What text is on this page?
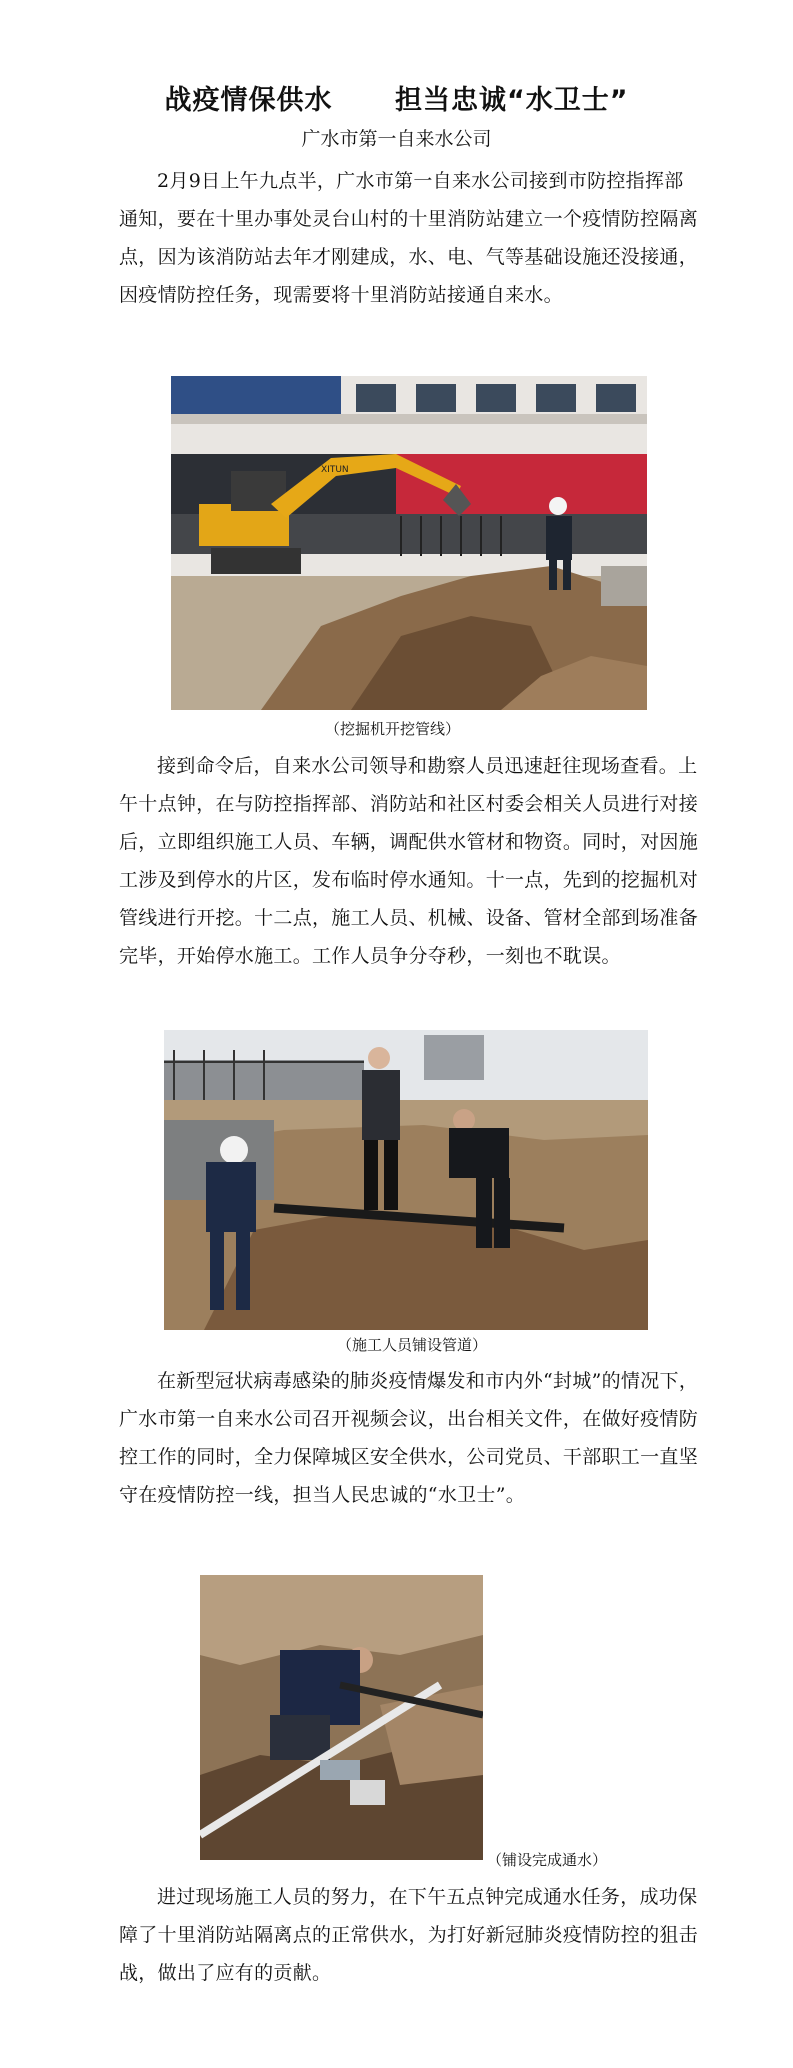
战疫情保供水      担当忠诚“水卫士”
广水市第一自来水公司

2月9日上午九点半，广水市第一自来水公司接到市防控指挥部通知，要在十里办事处灵台山村的十里消防站建立一个疫情防控隔离点，因为该消防站去年才刚建成，水、电、气等基础设施还没接通，因疫情防控任务，现需要将十里消防站接通自来水。

XITUN
（挖掘机开挖管线）

接到命令后，自来水公司领导和勘察人员迅速赶往现场查看。上午十点钟，在与防控指挥部、消防站和社区村委会相关人员进行对接后，立即组织施工人员、车辆，调配供水管材和物资。同时，对因施工涉及到停水的片区，发布临时停水通知。十一点，先到的挖掘机对管线进行开挖。十二点，施工人员、机械、设备、管材全部到场准备完毕，开始停水施工。工作人员争分夺秒，一刻也不耽误。

（施工人员铺设管道）

在新型冠状病毒感染的肺炎疫情爆发和市内外“封城”的情况下，广水市第一自来水公司召开视频会议，出台相关文件，在做好疫情防控工作的同时，全力保障城区安全供水，公司党员、干部职工一直坚守在疫情防控一线，担当人民忠诚的“水卫士”。

（铺设完成通水）

进过现场施工人员的努力，在下午五点钟完成通水任务，成功保障了十里消防站隔离点的正常供水，为打好新冠肺炎疫情防控的狙击战，做出了应有的贡献。
